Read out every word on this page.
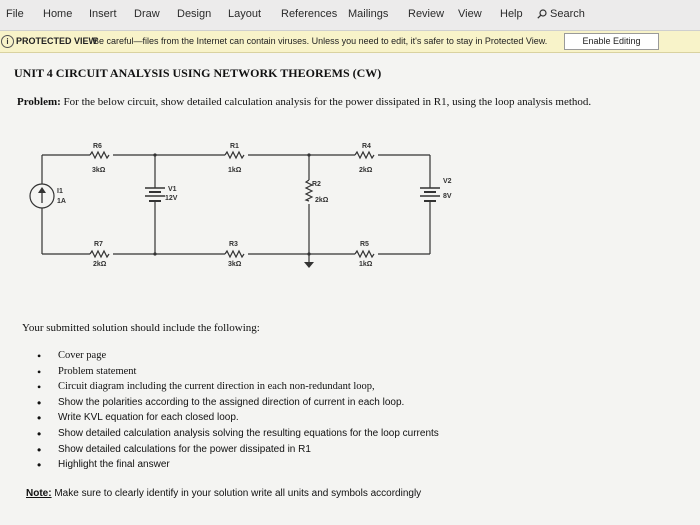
File Home Insert Draw Design Layout References Mailings Review View Help	Search
i PROTECTED VIEW
Be careful—files from the Internet can contain viruses. Unless you need to edit, it's safer to stay in Protected View.	Enable Editing
UNIT 4 CIRCUIT ANALYSIS USING NETWORK THEOREMS (CW)
Problem: For the below circuit, show detailed calculation analysis for the power dissipated in R1, using the loop analysis method.
R6
3kΩ
R1
1kΩ
R4
2kΩ
I1
1A
V1
12V
R2
2kΩ
V2
8V
R7
2kΩ
R3
3kΩ
R5
1kΩ
Your submitted solution should include the following:
• Cover page
• Problem statement
• Circuit diagram including the current direction in each non-redundant loop,
• Show the polarities according to the assigned direction of current in each loop.
• Write KVL equation for each closed loop.
• Show detailed calculation analysis solving the resulting equations for the loop currents
• Show detailed calculations for the power dissipated in R1
• Highlight the final answer
Note: Make sure to clearly identify in your solution write all units and symbols accordingly
